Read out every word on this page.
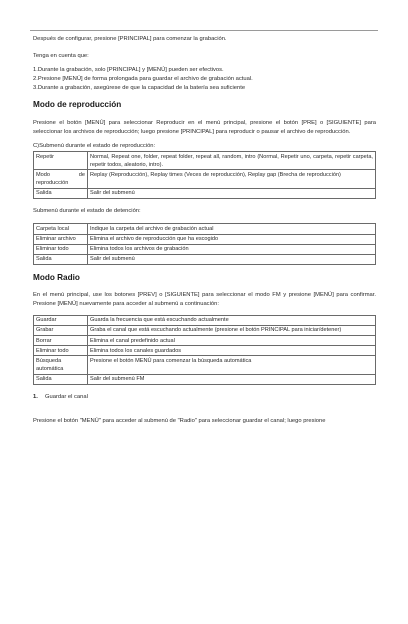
Después de configurar, presione [PRINCIPAL] para comenzar la grabación.

Tenga en cuenta que:

1.Durante la grabación, solo [PRINCIPAL] y [MENÚ] pueden ser efectivos.

2.Presione [MENÚ] de forma prolongada para guardar el archivo de grabación actual.

3.Durante a grabación, asegúrese de que la capacidad de la batería sea suficiente

Modo de reproducción

Presione el botón [MENÚ] para seleccionar Reproducir en el menú principal, presione el botón [PRE] o [SIGUIENTE] para seleccionar los archivos de reproducción; luego presione [PRINCIPAL] para reproducir o pausar el archivo de reproducción.

C)Submenú durante el estado de reproducción:

Repetir	Normal, Repeat one, folder, repeat folder, repeat all, random, intro (Normal, Repetir uno, carpeta, repetir carpeta, repetir todos, aleatorio, intro).
Modo de reproducción	Replay (Reproducción), Replay times (Veces de reproducción), Replay gap (Brecha de reproducción)
Salida	Salir del submenú

Submenú durante el estado de detención:

Carpeta local	Indique la carpeta del archivo de grabación actual
Eliminar archivo	Elimina el archivo de reproducción que ha escogido
Eliminar todo	Elimina todos los archivos de grabación
Salida	Salir del submenú
Modo Radio

En el menú principal, use los botones [PREV] o [SIGUIENTE] para seleccionar el modo FM y presione [MENÚ] para confirmar. Presione [MENÚ] nuevamente para acceder al submenú a continuación:

Guardar	Guarda la frecuencia que está escuchando actualmente
Grabar	Graba el canal que está escuchando actualmente (presione el botón PRINCIPAL para iniciar/detener)
Borrar	Elimina el canal predefinido actual
Eliminar todo	Elimina todos los canales guardados
Búsqueda automática	Presione el botón MENÚ para comenzar la búsqueda automática
Salida	Salir del submenú FM

1. Guardar el canal

Presione el botón "MENÚ" para acceder al submenú de "Radio" para seleccionar guardar el canal; luego presione
